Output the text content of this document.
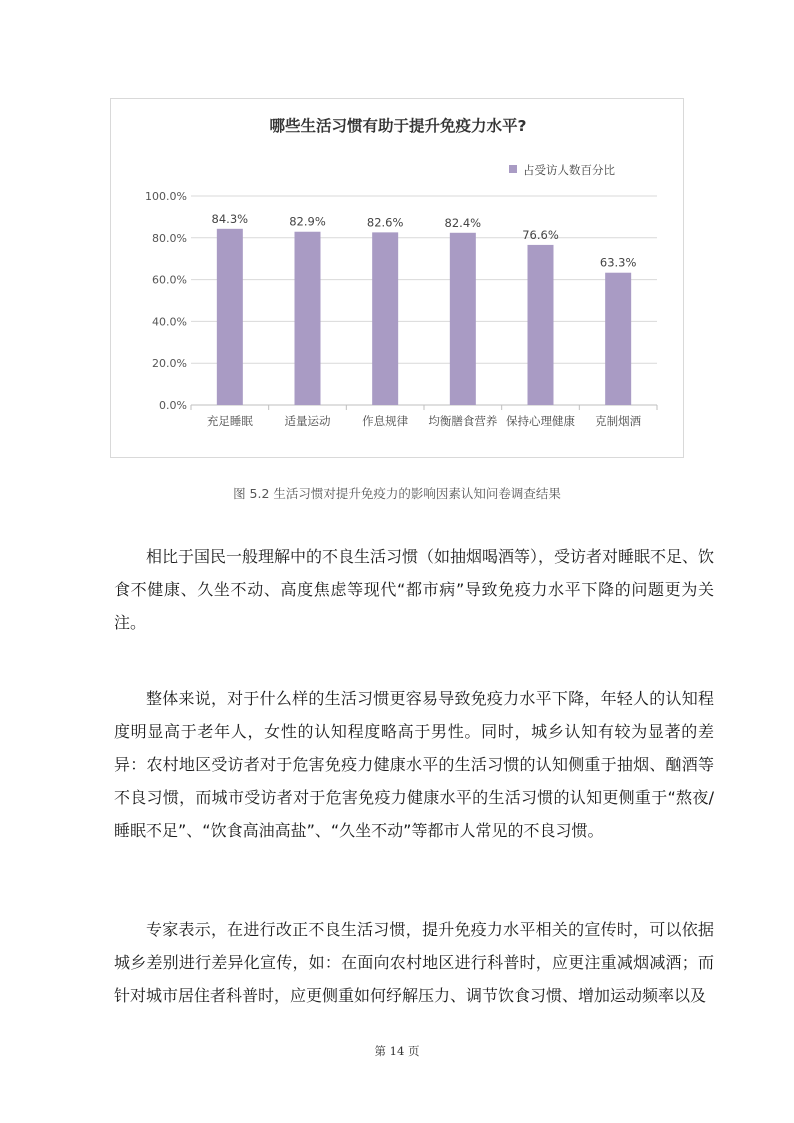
哪些生活习惯有助于提升免疫力水平?
占受访人数百分比
0.0%
20.0%
40.0%
60.0%
80.0%
100.0%
84.3%
充足睡眠
82.9%
适量运动
82.6%
作息规律
82.4%
均衡膳食营养
76.6%
保持心理健康
63.3%
克制烟酒
图 5.2 生活习惯对提升免疫力的影响因素认知问卷调查结果

相比于国民一般理解中的不良生活习惯（如抽烟喝酒等），受访者对睡眠不足、饮食不健康、久坐不动、高度焦虑等现代“都市病”导致免疫力水平下降的问题更为关注。

整体来说，对于什么样的生活习惯更容易导致免疫力水平下降，年轻人的认知程度明显高于老年人，女性的认知程度略高于男性。同时，城乡认知有较为显著的差异：农村地区受访者对于危害免疫力健康水平的生活习惯的认知侧重于抽烟、酗酒等不良习惯，而城市受访者对于危害免疫力健康水平的生活习惯的认知更侧重于“熬夜/睡眠不足”、“饮食高油高盐”、“久坐不动”等都市人常见的不良习惯。

专家表示，在进行改正不良生活习惯，提升免疫力水平相关的宣传时，可以依据城乡差别进行差异化宣传，如：在面向农村地区进行科普时，应更注重减烟减酒；而针对城市居住者科普时，应更侧重如何纾解压力、调节饮食习惯、增加运动频率以及

第 14 页
